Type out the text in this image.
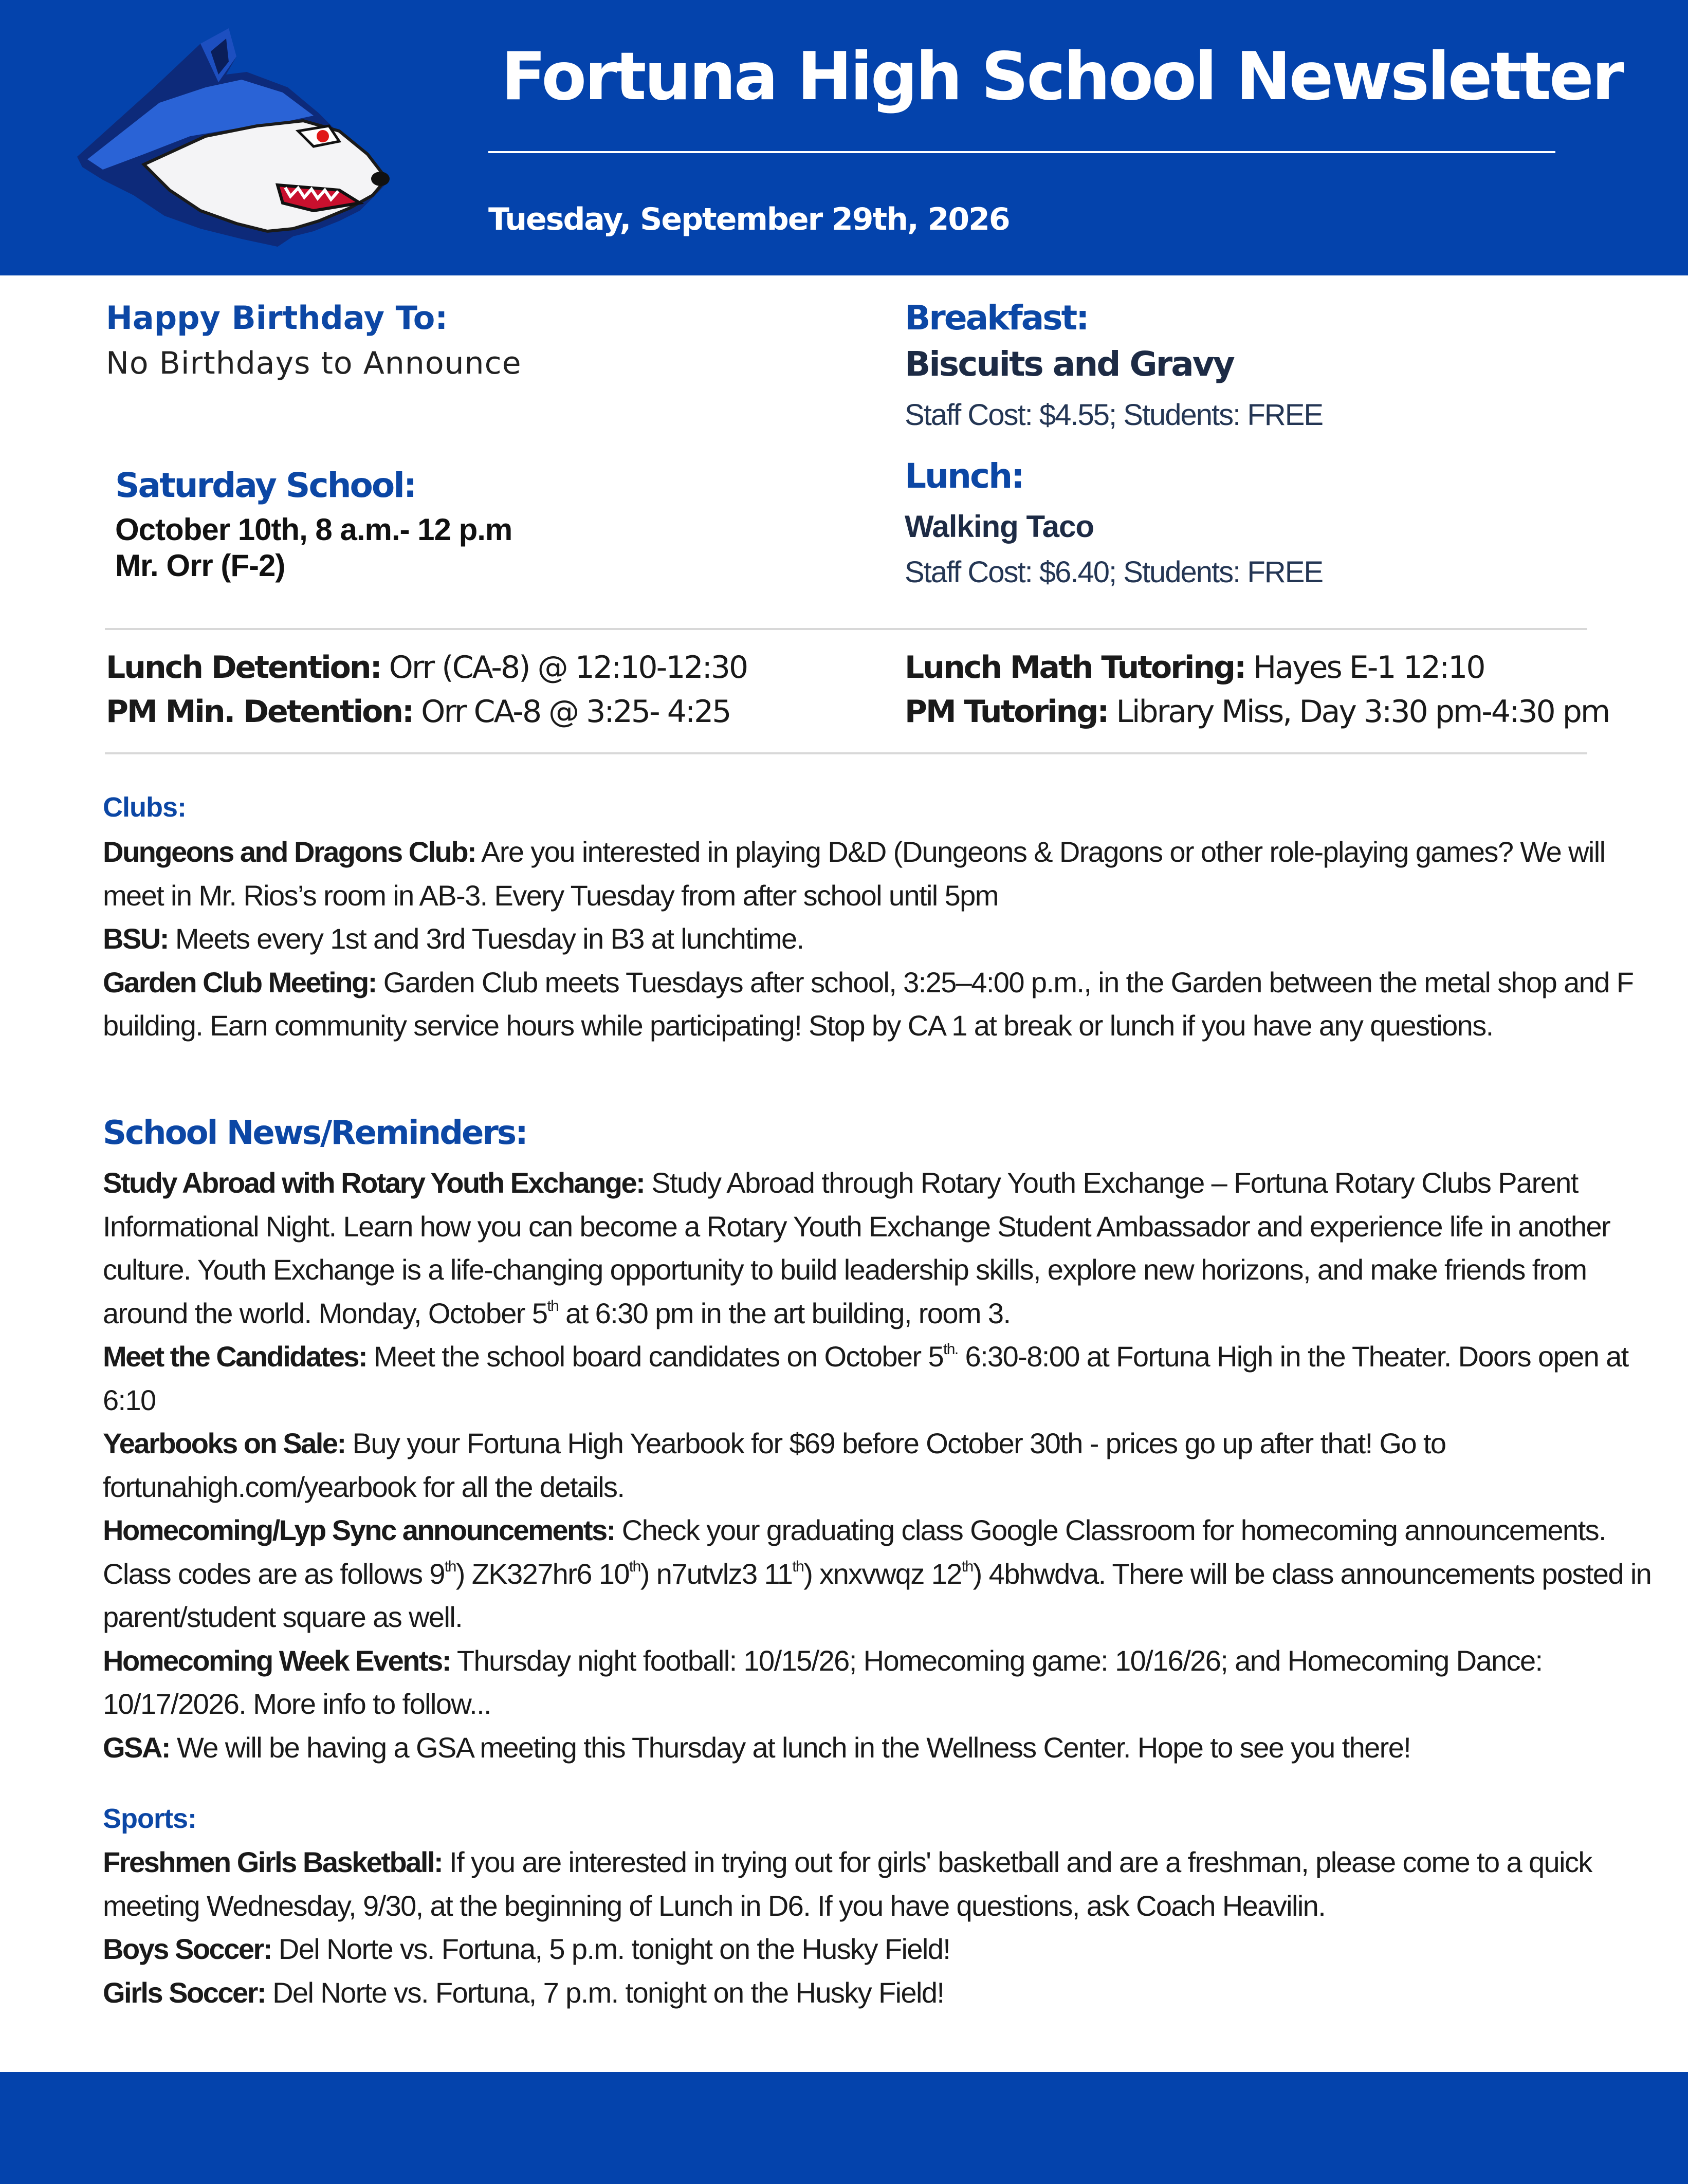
Fortuna High School Newsletter
Tuesday, September 29th, 2026
Happy Birthday To:
No Birthdays to Announce
Saturday School:
October 10th, 8 a.m.- 12 p.m
Mr. Orr (F-2)
Breakfast:
Biscuits and Gravy
Staff Cost: $4.55; Students: FREE
Lunch:
Walking Taco
Staff Cost: $6.40; Students: FREE
Lunch Detention: Orr (CA-8) @ 12:10-12:30
PM Min. Detention: Orr CA-8 @ 3:25- 4:25
Lunch Math Tutoring: Hayes E-1 12:10
PM Tutoring: Library Miss, Day 3:30 pm-4:30 pm
Clubs:

Dungeons and Dragons Club: Are you interested in playing D&D (Dungeons & Dragons or other role-playing games? We will meet in Mr. Rios’s room in AB-3. Every Tuesday from after school until 5pm

BSU: Meets every 1st and 3rd Tuesday in B3 at lunchtime.

Garden Club Meeting: Garden Club meets Tuesdays after school, 3:25–4:00 p.m., in the Garden between the metal shop and F building. Earn community service hours while participating! Stop by CA 1 at break or lunch if you have any questions.

School News/Reminders:

Study Abroad with Rotary Youth Exchange: Study Abroad through Rotary Youth Exchange – Fortuna Rotary Clubs Parent Informational Night. Learn how you can become a Rotary Youth Exchange Student Ambassador and experience life in another culture. Youth Exchange is a life-changing opportunity to build leadership skills, explore new horizons, and make friends from around the world. Monday, October 5th at 6:30 pm in the art building, room 3.

Meet the Candidates: Meet the school board candidates on October $5^{th.}$ 6:30-8:00 at Fortuna High in the Theater. Doors open at 6:10

Yearbooks on Sale: Buy your Fortuna High Yearbook for $69 before October 30th - prices go up after that! Go to fortunahigh.com/yearbook for all the details.

Homecoming/Lyp Sync announcements: Check your graduating class Google Classroom for homecoming announcements. Class codes are as follows 9th) ZK327hr6 10th) n7utvlz3 11th) xnxvwqz 12th) 4bhwdva. There will be class announcements posted in parent/student square as well.

Homecoming Week Events: Thursday night football: 10/15/26; Homecoming game: 10/16/26; and Homecoming Dance: 10/17/2026. More info to follow...

GSA: We will be having a GSA meeting this Thursday at lunch in the Wellness Center. Hope to see you there!

Sports:

Freshmen Girls Basketball: If you are interested in trying out for girls' basketball and are a freshman, please come to a quick meeting Wednesday, 9/30, at the beginning of Lunch in D6. If you have questions, ask Coach Heavilin.

Boys Soccer: Del Norte vs. Fortuna, 5 p.m. tonight on the Husky Field!

Girls Soccer: Del Norte vs. Fortuna, 7 p.m. tonight on the Husky Field!
